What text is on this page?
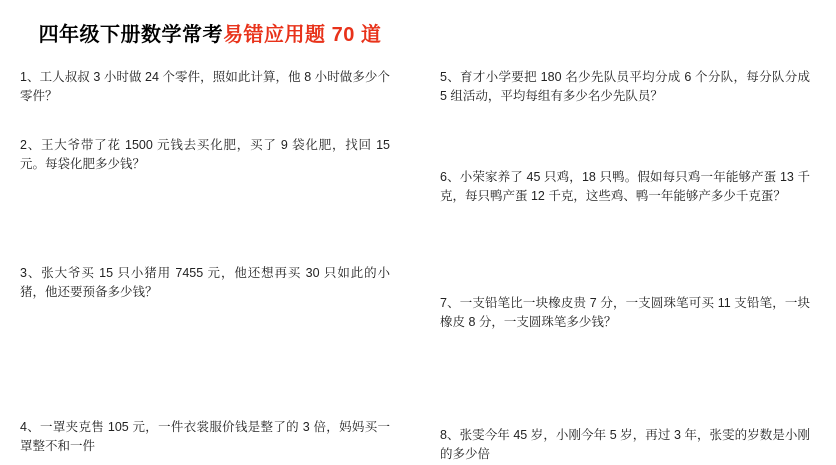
四年级下册数学常考易错应用题 70 道
1、工人叔叔 3 小时做 24 个零件，照如此计算，他 8 小时做多少个零件？
2、王大爷带了花 1500 元钱去买化肥，买了 9 袋化肥，找回 15 元。每袋化肥多少钱？
3、张大爷买 15 只小猪用 7455 元，他还想再买 30 只如此的小猪，他还要预备多少钱？
4、一罩夹克售 105 元，一件衣裳服价钱是整了的 3 倍，妈妈买一罩整不和一件
5、育才小学要把 180 名少先队员平均分成 6 个分队，每分队分成 5 组活动，平均每组有多少名少先队员？
6、小荣家养了 45 只鸡，18 只鸭。假如每只鸡一年能够产蛋 13 千克，每只鸭产蛋 12 千克，这些鸡、鸭一年能够产多少千克蛋？
7、一支铅笔比一块橡皮贵 7 分，一支圆珠笔可买 11 支铅笔，一块橡皮 8 分，一支圆珠笔多少钱？
8、张雯今年 45 岁，小刚今年 5 岁，再过 3 年，张雯的岁数是小刚的多少倍
